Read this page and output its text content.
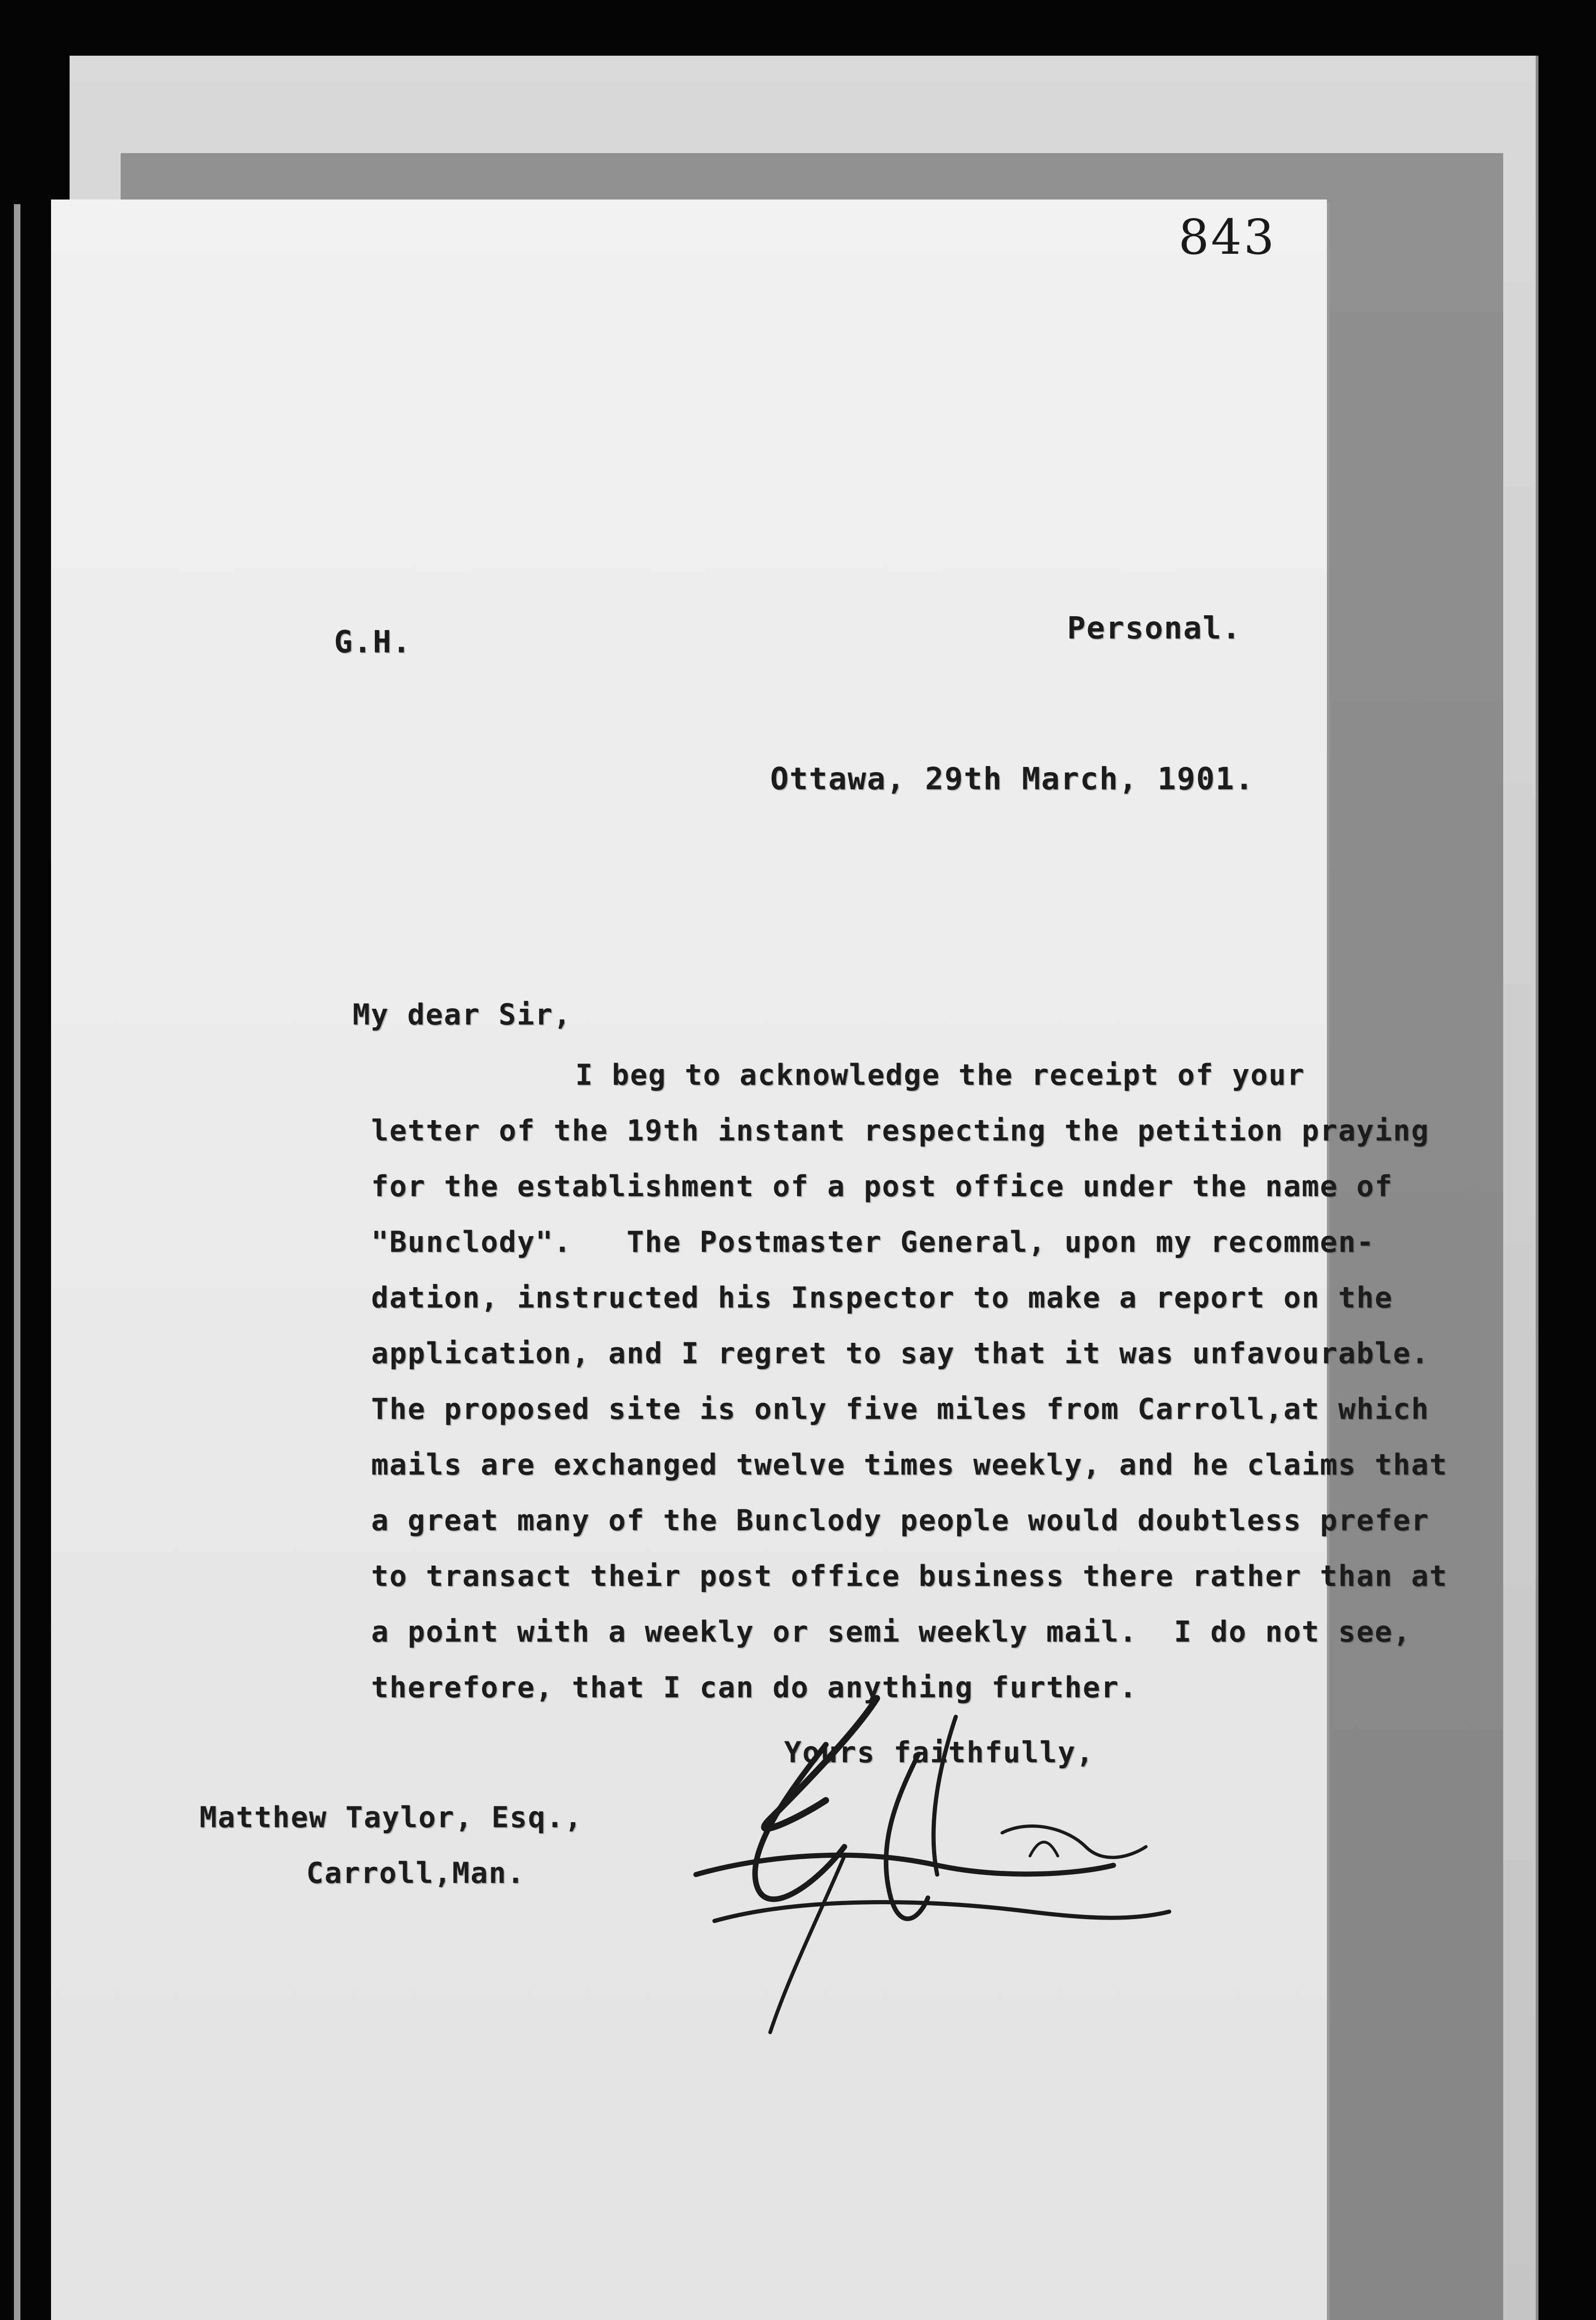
843
G.H.	Personal.
Ottawa, 29th March, 1901.
My dear Sir,
I beg to acknowledge the receipt of your
letter of the 19th instant respecting the petition praying
for the establishment of a post office under the name of
"Bunclody".   The Postmaster General, upon my recommen-
dation, instructed his Inspector to make a report on the
application, and I regret to say that it was unfavourable.
The proposed site is only five miles from Carroll,at which
mails are exchanged twelve times weekly, and he claims that
a great many of the Bunclody people would doubtless prefer
to transact their post office business there rather than at
a point with a weekly or semi weekly mail.  I do not see,
therefore, that I can do anything further.
Yours faithfully,
Matthew Taylor, Esq.,
Carroll,Man.
